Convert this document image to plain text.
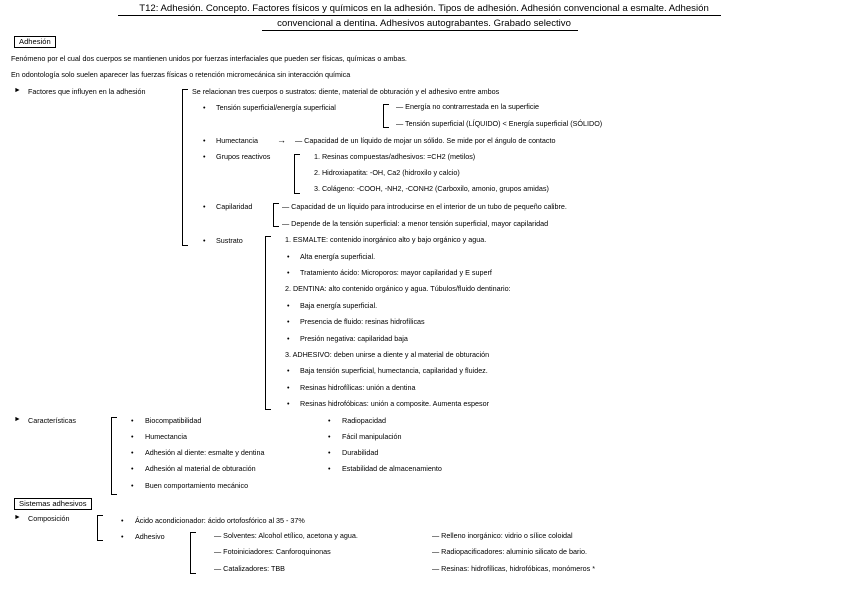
T12: Adhesión. Concepto. Factores físicos y químicos en la adhesión. Tipos de adhesión. Adhesión convencional a esmalte. Adhesión
convencional a dentina. Adhesivos autograbantes. Grabado selectivo
Adhesión
Fenómeno por el cual dos cuerpos se mantienen unidos por fuerzas interfaciales que pueden ser físicas, químicas o ambas.
En odontología solo suelen aparecer las fuerzas físicas o retención micromecánica sin interacción química
► Factores que influyen en la adhesión	Se relacionan tres cuerpos o sustratos: diente, material de obturación y el adhesivo entre ambos
•
Tensión superficial/energía superficial	— Energía no contrarrestada en la superficie
— Tensión superficial (LÍQUIDO) < Energía superficial (SÓLIDO)
•
Humectancia → — Capacidad de un líquido de mojar un sólido. Se mide por el ángulo de contacto
•
Grupos reactivos	1. Resinas compuestas/adhesivos: =CH2 (metilos)
2. Hidroxiapatita: -OH, Ca2 (hidroxilo y calcio)
3. Colágeno: -COOH, -NH2, -CONH2 (Carboxilo, amonio, grupos amidas)
•
Capilaridad	— Capacidad de un líquido para introducirse en el interior de un tubo de pequeño calibre.
— Depende de la tensión superficial: a menor tensión superficial, mayor capilaridad
•
Sustrato	1. ESMALTE: contenido inorgánico alto y bajo orgánico y agua.
•
Alta energía superficial.
•
Tratamiento ácido: Microporos: mayor capilaridad y E superf
2. DENTINA: alto contenido orgánico y agua. Túbulos/fluido dentinario:
•
Baja energía superficial.
•
Presencia de fluido: resinas hidrofílicas
•
Presión negativa: capilaridad baja
3. ADHESIVO: deben unirse a diente y al material de obturación
•
Baja tensión superficial, humectancia, capilaridad y fluidez.
•
Resinas hidrofílicas: unión a dentina
•
Resinas hidrofóbicas: unión a composite. Aumenta espesor
► Características •	Biocompatibilidad
•
Humectancia
•
Adhesión al diente: esmalte y dentina
•
Adhesión al material de obturación
•
Buen comportamiento mecánico
•
Radiopacidad
•
Fácil manipulación
•
Durabilidad
•
Estabilidad de almacenamiento
Sistemas adhesivos
► Composición •	Ácido acondicionador: ácido ortofosfórico al 35 - 37%
•
Adhesivo	— Solventes: Alcohol etílico, acetona y agua.
— Fotoiniciadores: Canforoquinonas
— Catalizadores: TBB
— Relleno inorgánico: vidrio o sílice coloidal
— Radiopacificadores: aluminio silicato de bario.
— Resinas: hidrofílicas, hidrofóbicas, monómeros *
